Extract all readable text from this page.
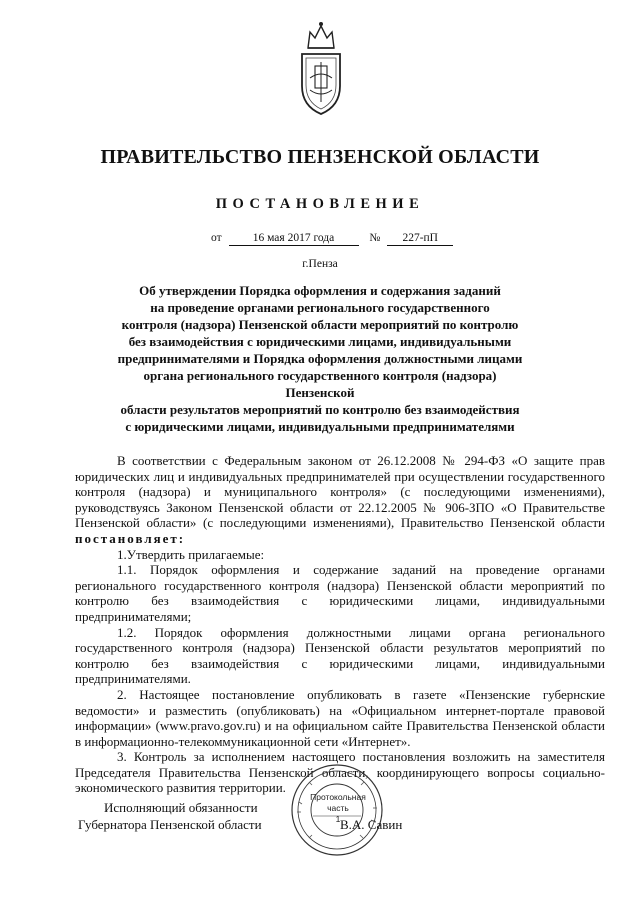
ПРАВИТЕЛЬСТВО ПЕНЗЕНСКОЙ ОБЛАСТИ
ПОСТАНОВЛЕНИЕ
от	16 мая 2017 года	№ 227-пП
г.Пенза
Об утверждении Порядка оформления и содержания заданий
на проведение органами регионального государственного
контроля (надзора) Пензенской области мероприятий по контролю
без взаимодействия с юридическими лицами, индивидуальными
предпринимателями и Порядка оформления должностными лицами
органа регионального государственного контроля (надзора) Пензенской
области результатов мероприятий по контролю без взаимодействия
с юридическими лицами, индивидуальными предпринимателями

В соответствии с Федеральным законом от 26.12.2008 № 294-ФЗ «О защите прав юридических лиц и индивидуальных предпринимателей при осуществлении государственного контроля (надзора) и муниципального контроля» (с последующими изменениями), руководствуясь Законом Пензенской области от 22.12.2005 № 906-ЗПО «О Правительстве Пензенской области» (с последующими изменениями), Правительство Пензенской области постановляет:

1.Утвердить прилагаемые:

1.1. Порядок оформления и содержание заданий на проведение органами регионального государственного контроля (надзора) Пензенской области мероприятий по контролю без взаимодействия с юридическими лицами, индивидуальными предпринимателями;

1.2. Порядок оформления должностными лицами органа регионального государственного контроля (надзора) Пензенской области результатов мероприятий по контролю без взаимодействия с юридическими лицами, индивидуальными предпринимателями.

2. Настоящее постановление опубликовать в газете «Пензенские губернские ведомости» и разместить (опубликовать) на «Официальном интернет-портале правовой информации» (www.pravo.gov.ru) и на официальном сайте Правительства Пензенской области в информационно-телекоммуникационной сети «Интернет».

3. Контроль за исполнением настоящего постановления возложить на заместителя Председателя Правительства Пензенской области, координирующего вопросы социально-экономического развития территории.

Протокольная
часть
1
Исполняющий обязанности
Губернатора Пензенской области	В.А. Савин
